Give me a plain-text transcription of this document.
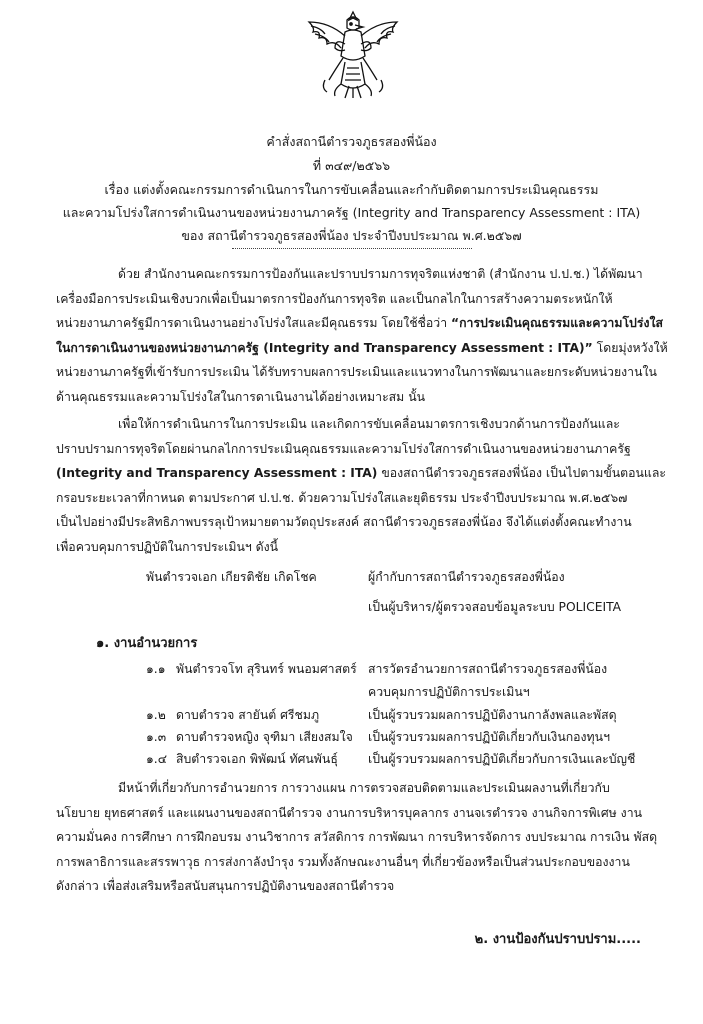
คำสั่งสถานีตำรวจภูธรสองพี่น้อง
ที่ ๓๔๙/๒๕๖๖
เรื่อง แต่งตั้งคณะกรรมการดำเนินการในการขับเคลื่อนและกำกับติดตามการประเมินคุณธรรม
และความโปร่งใสการดำเนินงานของหน่วยงานภาครัฐ (Integrity and Transparency Assessment : ITA)
ของ สถานีตำรวจภูธรสองพี่น้อง ประจำปีงบประมาณ พ.ศ.๒๕๖๗
ด้วย สำนักงานคณะกรรมการป้องกันและปราบปรามการทุจริตแห่งชาติ (สำนักงาน ป.ป.ช.) ได้พัฒนา
เครื่องมือการประเมินเชิงบวกเพื่อเป็นมาตรการป้องกันการทุจริต และเป็นกลไกในการสร้างความตระหนักให้
หน่วยงานภาครัฐมีการดาเนินงานอย่างโปร่งใสและมีคุณธรรม โดยใช้ชื่อว่า “การประเมินคุณธรรมและความโปร่งใส
ในการดาเนินงานของหน่วยงานภาครัฐ (Integrity and Transparency Assessment : ITA)” โดยมุ่งหวังให้
หน่วยงานภาครัฐที่เข้ารับการประเมิน ได้รับทราบผลการประเมินและแนวทางในการพัฒนาและยกระดับหน่วยงานใน
ด้านคุณธรรมและความโปร่งใสในการดาเนินงานได้อย่างเหมาะสม นั้น
เพื่อให้การดำเนินการในการประเมิน และเกิดการขับเคลื่อนมาตรการเชิงบวกด้านการป้องกันและ
ปราบปรามการทุจริตโดยผ่านกลไกการประเมินคุณธรรมและความโปร่งใสการดำเนินงานของหน่วยงานภาครัฐ
(Integrity and Transparency Assessment : ITA) ของสถานีตำรวจภูธรสองพี่น้อง เป็นไปตามขั้นตอนและ
กรอบระยะเวลาที่กาหนด ตามประกาศ ป.ป.ช. ด้วยความโปร่งใสและยุติธรรม ประจำปีงบประมาณ พ.ศ.๒๕๖๗
เป็นไปอย่างมีประสิทธิภาพบรรลุเป้าหมายตามวัตถุประสงค์ สถานีตำรวจภูธรสองพี่น้อง จึงได้แต่งตั้งคณะทำงาน
เพื่อควบคุมการปฏิบัติในการประเมินฯ ดังนี้
พันตำรวจเอก เกียรติชัย เกิดโชค	ผู้กำกับการสถานีตำรวจภูธรสองพี่น้อง
เป็นผู้บริหาร/ผู้ตรวจสอบข้อมูลระบบ POLICEITA
๑. งานอำนวยการ
๑.๑ พันตำรวจโท สุรินทร์ พนอมศาสตร์ สารวัตรอำนวยการสถานีตำรวจภูธรสองพี่น้อง
ควบคุมการปฏิบัติการประเมินฯ
๑.๒ ดาบตำรวจ สายันต์ ศรีชมภู	เป็นผู้รวบรวมผลการปฏิบัติงานกาลังพลและพัสดุ
๑.๓ ดาบตำรวจหญิง จุฑิมา เสียงสมใจ เป็นผู้รวบรวมผลการปฏิบัติเกี่ยวกับเงินกองทุนฯ
๑.๔ สิบตำรวจเอก พิพัฒน์ ทัศนพันธุ์ เป็นผู้รวบรวมผลการปฏิบัติเกี่ยวกับการเงินและบัญชี
มีหน้าที่เกี่ยวกับการอำนวยการ การวางแผน การตรวจสอบติดตามและประเมินผลงานที่เกี่ยวกับ
นโยบาย ยุทธศาสตร์ และแผนงานของสถานีตำรวจ งานการบริหารบุคลากร งานจเรตำรวจ งานกิจการพิเศษ งาน
ความมั่นคง การศึกษา การฝึกอบรม งานวิชาการ สวัสดิการ การพัฒนา การบริหารจัดการ งบประมาณ การเงิน พัสดุ
การพลาธิการและสรรพาวุธ การส่งกาลังบำรุง รวมทั้งลักษณะงานอื่นๆ ที่เกี่ยวข้องหรือเป็นส่วนประกอบของงาน
ดังกล่าว เพื่อส่งเสริมหรือสนับสนุนการปฏิบัติงานของสถานีตำรวจ
๒. งานป้องกันปราบปราม.....
